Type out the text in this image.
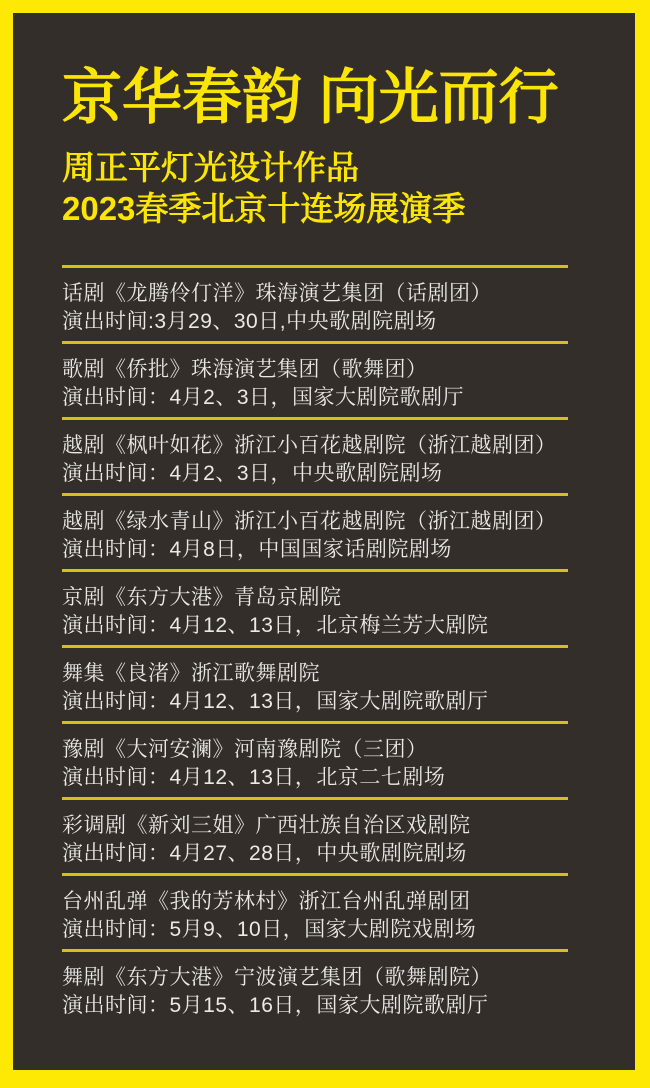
京华春韵 向光而行

周正平灯光设计作品
2023春季北京十连场展演季

话剧《龙腾伶仃洋》珠海演艺集团（话剧团）

演出时间:3月29、30日,中央歌剧院剧场

歌剧《侨批》珠海演艺集团（歌舞团）

演出时间：4月2、3日，国家大剧院歌剧厅

越剧《枫叶如花》浙江小百花越剧院（浙江越剧团）

演出时间：4月2、3日，中央歌剧院剧场

越剧《绿水青山》浙江小百花越剧院（浙江越剧团）

演出时间：4月8日，中国国家话剧院剧场

京剧《东方大港》青岛京剧院

演出时间：4月12、13日，北京梅兰芳大剧院

舞集《良渚》浙江歌舞剧院

演出时间：4月12、13日，国家大剧院歌剧厅

豫剧《大河安澜》河南豫剧院（三团）

演出时间：4月12、13日，北京二七剧场

彩调剧《新刘三姐》广西壮族自治区戏剧院

演出时间：4月27、28日，中央歌剧院剧场

台州乱弹《我的芳林村》浙江台州乱弹剧团

演出时间：5月9、10日，国家大剧院戏剧场

舞剧《东方大港》宁波演艺集团（歌舞剧院）

演出时间：5月15、16日，国家大剧院歌剧厅
